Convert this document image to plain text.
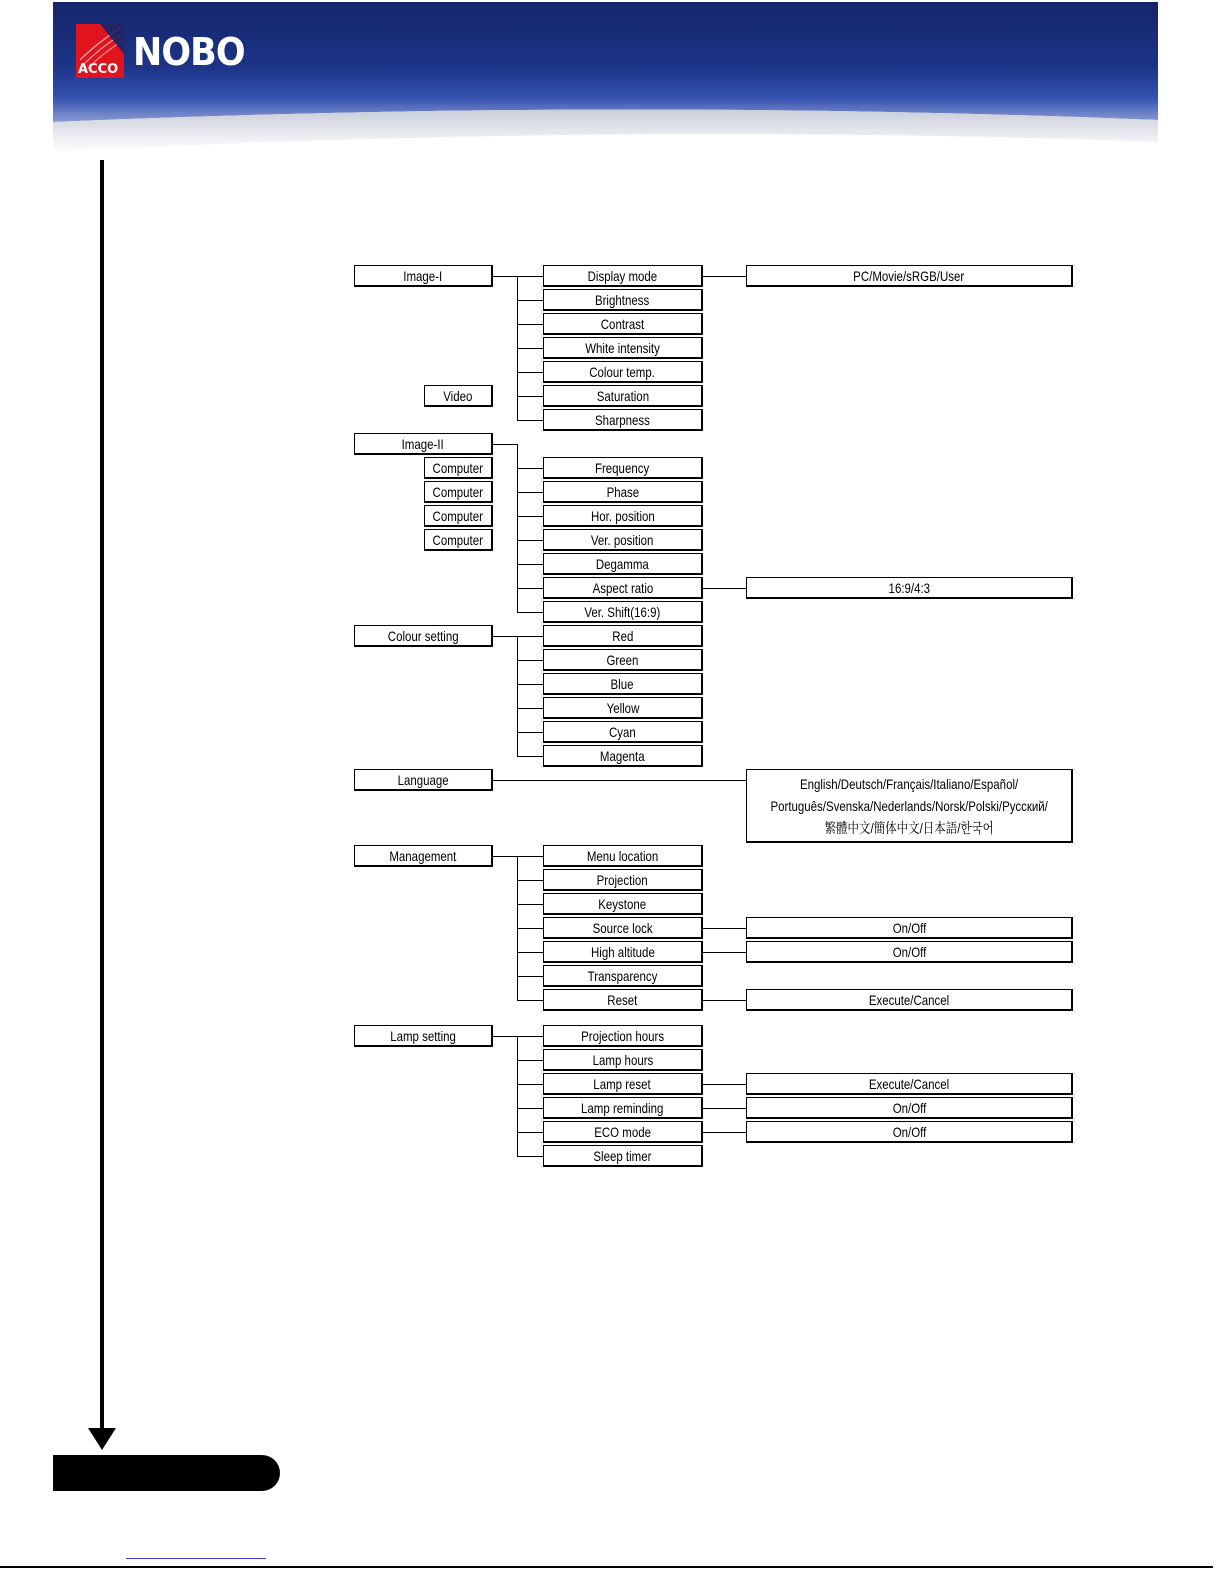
ACCO NOBO
Image-I	Display mode
Brightness
Contrast
White intensity
Colour temp.
Saturation
Sharpness
PC/Movie/sRGB/User
Video
Image-II
Computer
Computer
Computer
Computer
Frequency
Phase
Hor. position
Ver. position
Degamma
Aspect ratio
Ver. Shift(16:9)
16:9/4:3
Colour setting	Red
Green
Blue
Yellow
Cyan
Magenta
Language	English/Deutsch/Français/Italiano/Español/
Português/Svenska/Nederlands/Norsk/Polski/Pусский/
繁體中文/簡体中文/日本語/한국어
Management	Menu location
Projection
Keystone
Source lock
High altitude
Transparency
Reset
On/Off
On/Off
Execute/Cancel
Lamp setting	Projection hours
Lamp hours
Lamp reset
Lamp reminding
ECO mode
Sleep timer
Execute/Cancel
On/Off
On/Off
